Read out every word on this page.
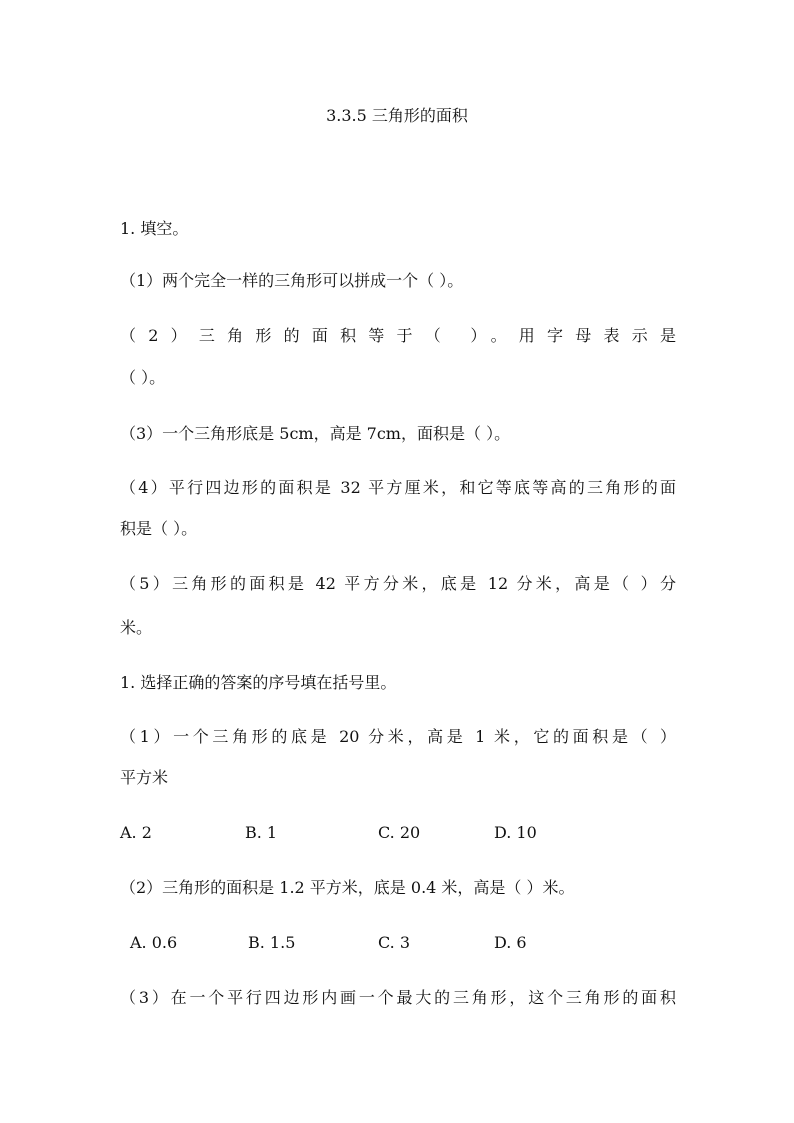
3.3.5 三角形的面积
1. 填空。
（1）两个完全一样的三角形可以拼成一个（ ）。
（2）三角形的面积等于（ ）。用字母表示是
（ ）。
（3）一个三角形底是 5cm，高是 7cm，面积是（ ）。
（4）平行四边形的面积是 32 平方厘米，和它等底等高的三角形的面
积是（ ）。
（5）三角形的面积是 42 平方分米，底是 12 分米，高是（ ）分
米。
1. 选择正确的答案的序号填在括号里。
（1）一个三角形的底是 20 分米，高是 1 米，它的面积是（ ）
平方米
A. 2	B. 1	C. 20	D. 10
（2）三角形的面积是 1.2 平方米，底是 0.4 米，高是（ ）米。
A. 0.6	B. 1.5	C. 3	D. 6
（3）在一个平行四边形内画一个最大的三角形，这个三角形的面积
